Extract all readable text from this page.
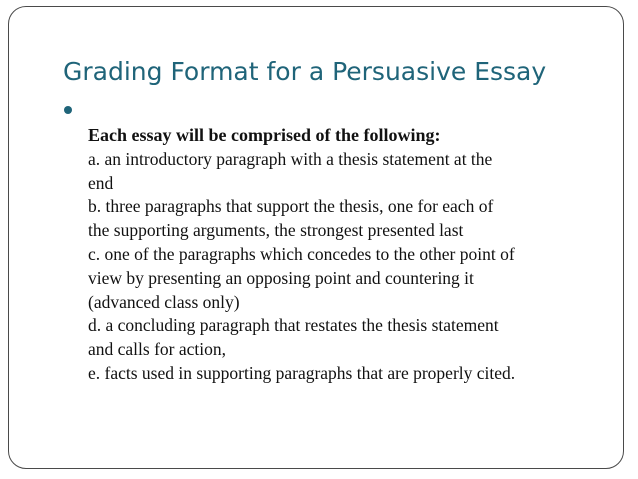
Grading Format for a Persuasive Essay
Each essay will be comprised of the following:
a. an introductory paragraph with a thesis statement at the
end
b. three paragraphs that support the thesis, one for each of
the supporting arguments, the strongest presented last
c. one of the paragraphs which concedes to the other point of
view by presenting an opposing point and countering it
(advanced class only)
d. a concluding paragraph that restates the thesis statement
and calls for action,
e. facts used in supporting paragraphs that are properly cited.
